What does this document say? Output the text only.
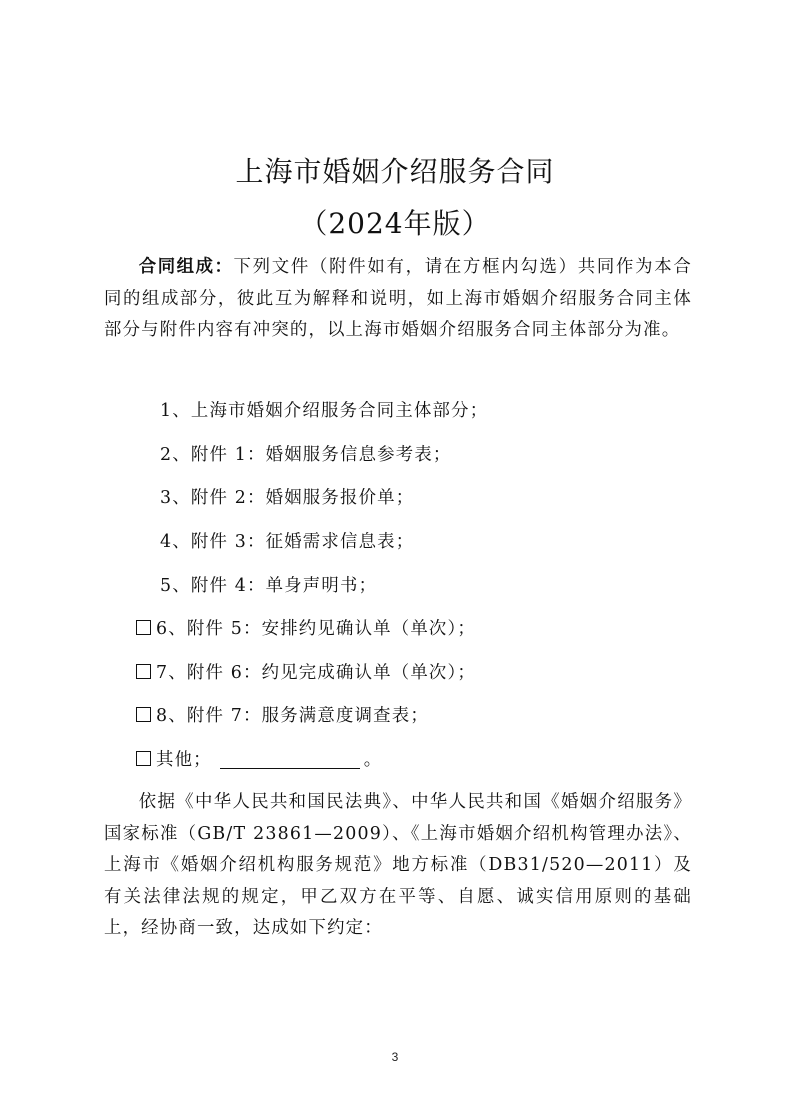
上海市婚姻介绍服务合同
（2024年版）
合同组成：下列文件（附件如有，请在方框内勾选）共同作为本合同的组成部分，彼此互为解释和说明，如上海市婚姻介绍服务合同主体部分与附件内容有冲突的，以上海市婚姻介绍服务合同主体部分为准。
1、上海市婚姻介绍服务合同主体部分；
2、附件 1：婚姻服务信息参考表；
3、附件 2：婚姻服务报价单；
4、附件 3：征婚需求信息表；
5、附件 4：单身声明书；
6、附件 5：安排约见确认单（单次）；
7、附件 6：约见完成确认单（单次）；
8、附件 7：服务满意度调查表；
其他；	。
依据《中华人民共和国民法典》、中华人民共和国《婚姻介绍服务》国家标准（GB/T 23861—2009）、《上海市婚姻介绍机构管理办法》、上海市《婚姻介绍机构服务规范》地方标准（DB31/520—2011）及有关法律法规的规定，甲乙双方在平等、自愿、诚实信用原则的基础上，经协商一致，达成如下约定：
3
